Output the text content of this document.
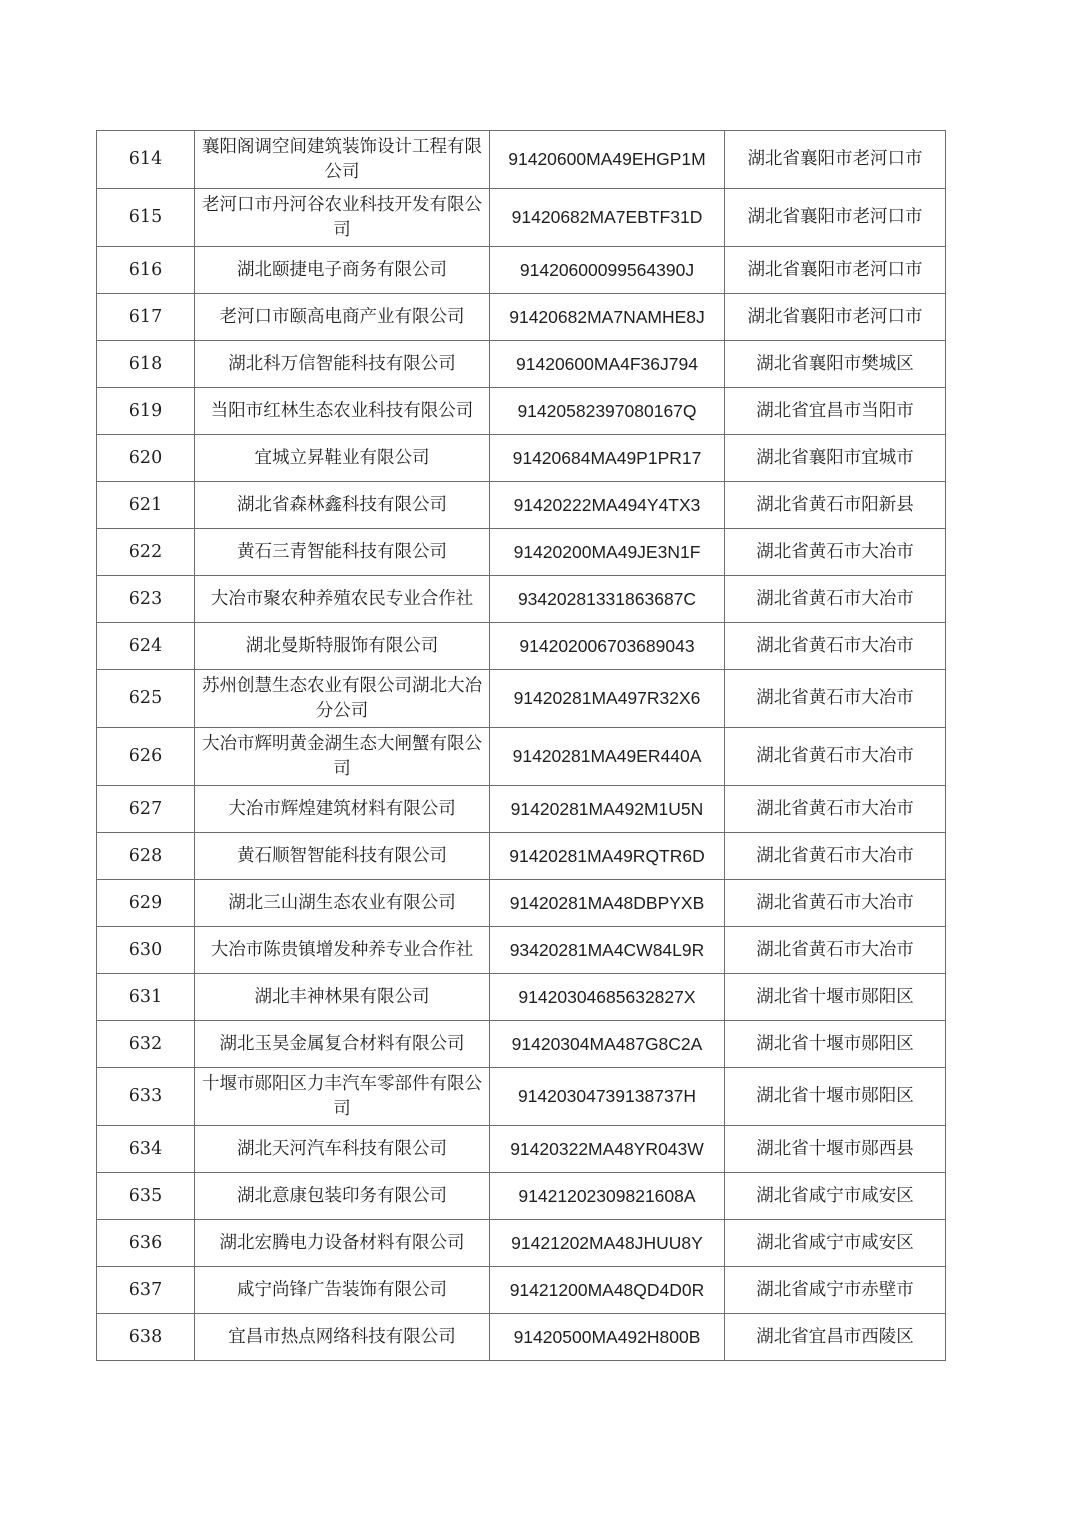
614	襄阳阁调空间建筑装饰设计工程有限公司	91420600MA49EHGP1M	湖北省襄阳市老河口市
615	老河口市丹河谷农业科技开发有限公司	91420682MA7EBTF31D	湖北省襄阳市老河口市
616	湖北颐捷电子商务有限公司	91420600099564390J	湖北省襄阳市老河口市
617	老河口市颐高电商产业有限公司	91420682MA7NAMHE8J	湖北省襄阳市老河口市
618	湖北科万信智能科技有限公司	91420600MA4F36J794	湖北省襄阳市樊城区
619	当阳市红林生态农业科技有限公司	91420582397080167Q	湖北省宜昌市当阳市
620	宜城立昇鞋业有限公司	91420684MA49P1PR17	湖北省襄阳市宜城市
621	湖北省森林鑫科技有限公司	91420222MA494Y4TX3	湖北省黄石市阳新县
622	黄石三青智能科技有限公司	91420200MA49JE3N1F	湖北省黄石市大冶市
623	大冶市聚农种养殖农民专业合作社	93420281331863687C	湖北省黄石市大冶市
624	湖北曼斯特服饰有限公司	914202006703689043	湖北省黄石市大冶市
625	苏州创慧生态农业有限公司湖北大冶分公司	91420281MA497R32X6	湖北省黄石市大冶市
626	大冶市辉明黄金湖生态大闸蟹有限公司	91420281MA49ER440A	湖北省黄石市大冶市
627	大冶市辉煌建筑材料有限公司	91420281MA492M1U5N	湖北省黄石市大冶市
628	黄石顺智智能科技有限公司	91420281MA49RQTR6D	湖北省黄石市大冶市
629	湖北三山湖生态农业有限公司	91420281MA48DBPYXB	湖北省黄石市大冶市
630	大冶市陈贵镇增发种养专业合作社	93420281MA4CW84L9R	湖北省黄石市大冶市
631	湖北丰神林果有限公司	91420304685632827X	湖北省十堰市郧阳区
632	湖北玉昊金属复合材料有限公司	91420304MA487G8C2A	湖北省十堰市郧阳区
633	十堰市郧阳区力丰汽车零部件有限公司	91420304739138737H	湖北省十堰市郧阳区
634	湖北天河汽车科技有限公司	91420322MA48YR043W	湖北省十堰市郧西县
635	湖北意康包装印务有限公司	91421202309821608A	湖北省咸宁市咸安区
636	湖北宏腾电力设备材料有限公司	91421202MA48JHUU8Y	湖北省咸宁市咸安区
637	咸宁尚锋广告装饰有限公司	91421200MA48QD4D0R	湖北省咸宁市赤壁市
638	宜昌市热点网络科技有限公司	91420500MA492H800B	湖北省宜昌市西陵区
